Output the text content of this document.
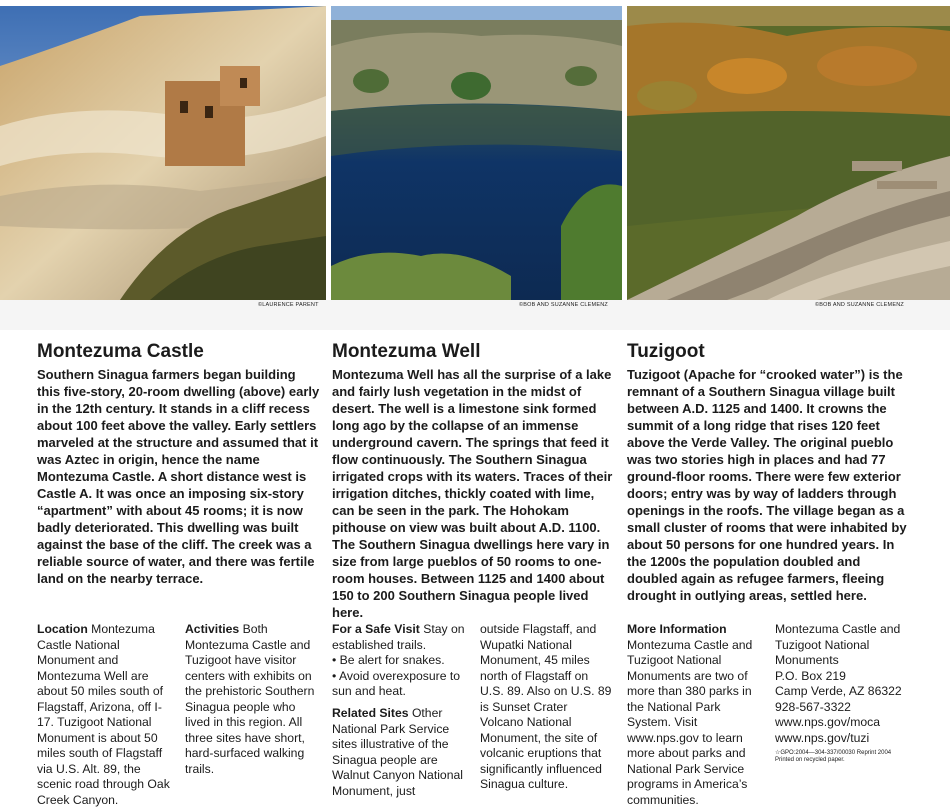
©LAURENCE PARENT	©BOB AND SUZANNE CLEMENZ	©BOB AND SUZANNE CLEMENZ
Montezuma Castle

Southern Sinagua farmers began building this five-story, 20-room dwelling (above) early in the 12th century. It stands in a cliff recess about 100 feet above the valley. Early settlers marveled at the structure and assumed that it was Aztec in origin, hence the name Montezuma Castle. A short distance west is Castle A. It was once an imposing six-story “apartment” with about 45 rooms; it is now badly deteriorated. This dwelling was built against the base of the cliff. The creek was a reliable source of water, and there was fertile land on the nearby terrace.

Montezuma Well

Montezuma Well has all the surprise of a lake and fairly lush vegetation in the midst of desert. The well is a limestone sink formed long ago by the collapse of an immense underground cavern. The springs that feed it flow continuously. The Southern Sinagua irrigated crops with its waters. Traces of their irrigation ditches, thickly coated with lime, can be seen in the park. The Hohokam pithouse on view was built about A.D. 1100. The Southern Sinagua dwellings here vary in size from large pueblos of 50 rooms to one-room houses. Between 1125 and 1400 about 150 to 200 Southern Sinagua people lived here.

Tuzigoot

Tuzigoot (Apache for “crooked water”) is the remnant of a Southern Sinagua village built between A.D. 1125 and 1400. It crowns the summit of a long ridge that rises 120 feet above the Verde Valley. The original pueblo was two stories high in places and had 77 ground-floor rooms. There were few exterior doors; entry was by way of ladders through openings in the roofs. The village began as a small cluster of rooms that were inhabited by about 50 persons for one hundred years. In the 1200s the population doubled and doubled again as refugee farmers, fleeing drought in outlying areas, settled here.

Location Montezuma Castle National Monument and Montezuma Well are about 50 miles south of Flagstaff, Arizona, off I-17. Tuzigoot National Monument is about 50 miles south of Flagstaff via U.S. Alt. 89, the scenic road through Oak Creek Canyon.

Activities Both Montezuma Castle and Tuzigoot have visitor centers with exhibits on the prehistoric Southern Sinagua people who lived in this region. All three sites have short, hard-surfaced walking trails.

For a Safe Visit Stay on established trails.
• Be alert for snakes.
• Avoid overexposure to sun and heat.

Related Sites Other National Park Service sites illustrative of the Sinagua people are Walnut Canyon National Monument, just

outside Flagstaff, and Wupatki National Monument, 45 miles north of Flagstaff on U.S. 89. Also on U.S. 89 is Sunset Crater Volcano National Monument, the site of volcanic eruptions that significantly influenced Sinagua culture.

More Information
Montezuma Castle and Tuzigoot National Monuments are two of more than 380 parks in the National Park System. Visit www.nps.gov to learn more about parks and National Park Service programs in America’s communities.

Montezuma Castle and
Tuzigoot National
Monuments
P.O. Box 219
Camp Verde, AZ 86322
928-567-3322
www.nps.gov/moca
www.nps.gov/tuzi
☆GPO:2004—304-337/00030 Reprint 2004
Printed on recycled paper.
